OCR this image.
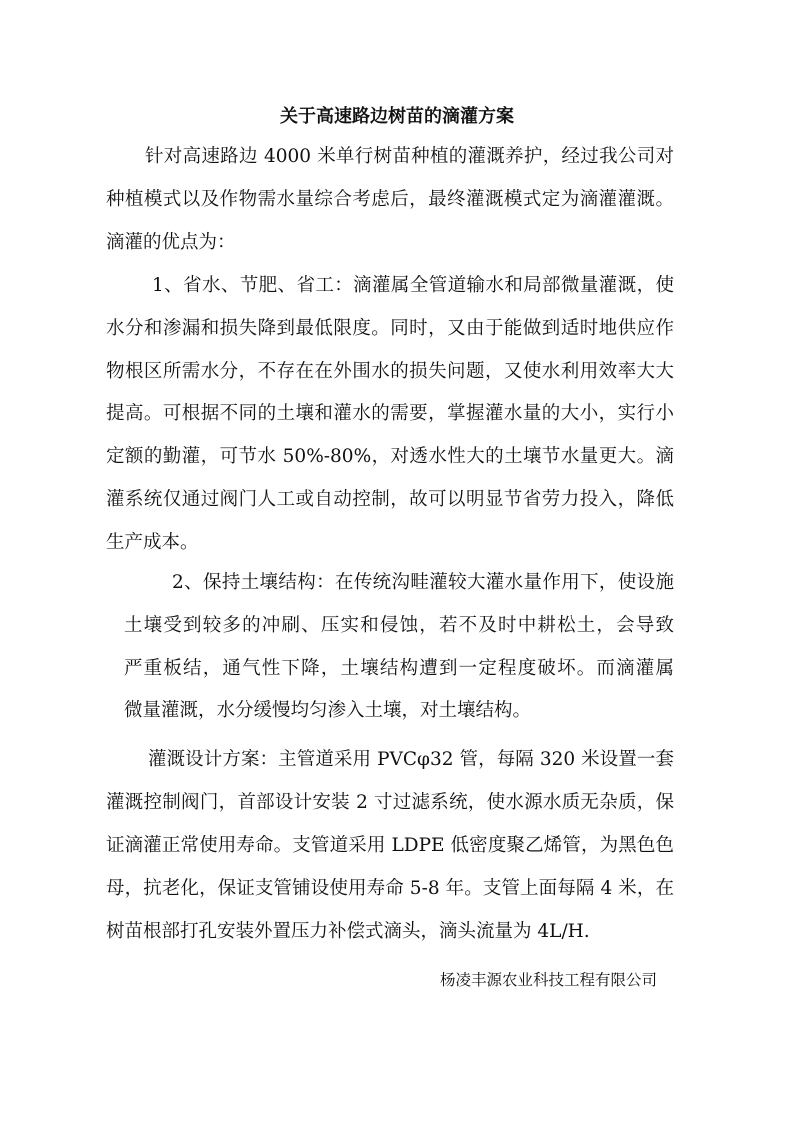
关于高速路边树苗的滴灌方案
针对高速路边 4000 米单行树苗种植的灌溉养护，经过我公司对
种植模式以及作物需水量综合考虑后，最终灌溉模式定为滴灌灌溉。
滴灌的优点为：
1、省水、节肥、省工：滴灌属全管道输水和局部微量灌溉，使
水分和渗漏和损失降到最低限度。同时，又由于能做到适时地供应作
物根区所需水分，不存在在外围水的损失问题，又使水利用效率大大
提高。可根据不同的土壤和灌水的需要，掌握灌水量的大小，实行小
定额的勤灌，可节水 50%-80%，对透水性大的土壤节水量更大。滴
灌系统仅通过阀门人工或自动控制，故可以明显节省劳力投入，降低
生产成本。
2、保持土壤结构：在传统沟畦灌较大灌水量作用下，使设施
土壤受到较多的冲刷、压实和侵蚀，若不及时中耕松土，会导致
严重板结，通气性下降，土壤结构遭到一定程度破坏。而滴灌属
微量灌溉，水分缓慢均匀渗入土壤，对土壤结构。
灌溉设计方案：主管道采用 PVCφ32 管，每隔 320 米设置一套
灌溉控制阀门，首部设计安装 2 寸过滤系统，使水源水质无杂质，保
证滴灌正常使用寿命。支管道采用 LDPE 低密度聚乙烯管，为黑色色
母，抗老化，保证支管铺设使用寿命 5-8 年。支管上面每隔 4 米，在
树苗根部打孔安装外置压力补偿式滴头，滴头流量为 4L/H.
杨凌丰源农业科技工程有限公司
